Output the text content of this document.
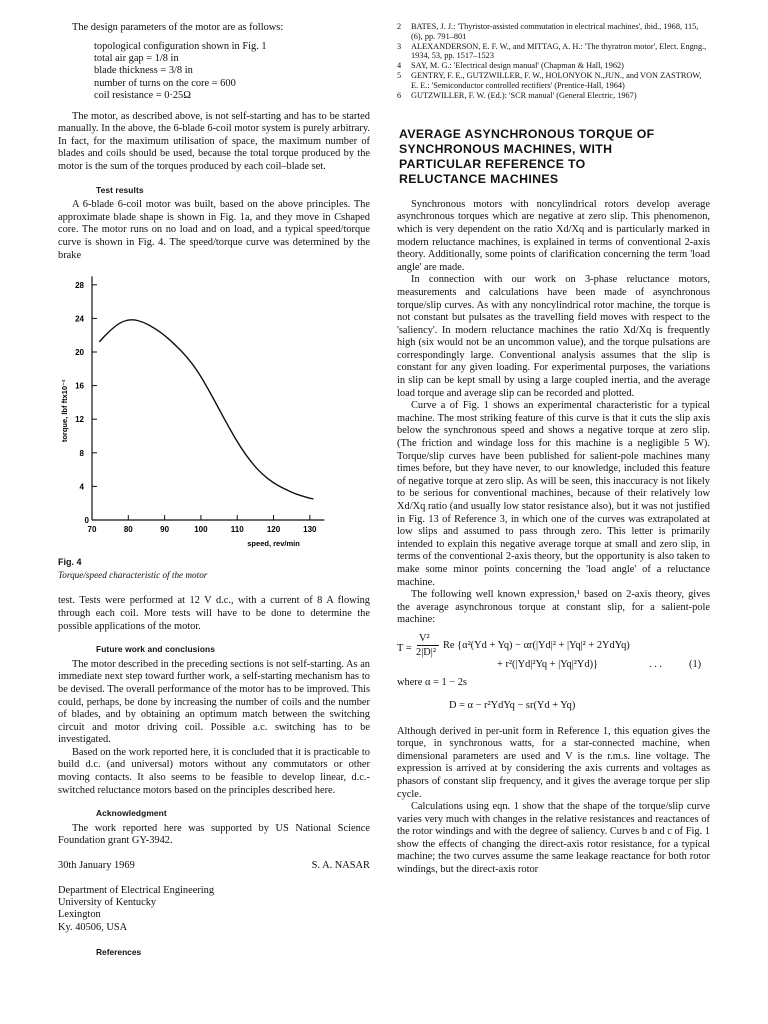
The design parameters of the motor are as follows:

topological configuration shown in Fig. 1
total air gap = 1/8 in
blade thickness = 3/8 in
number of turns on the core = 600
coil resistance = 0·25Ω

The motor, as described above, is not self-starting and has to be started manually. In the above, the 6-blade 6-coil motor system is purely arbitrary. In fact, for the maximum utilisation of space, the maximum number of blades and coils should be used, because the total torque produced by the motor is the sum of the torques produced by each coil–blade set.

Test results

A 6-blade 6-coil motor was built, based on the above principles. The approximate blade shape is shown in Fig. 1a, and they move in Cshaped core. The motor runs on no load and on load, and a typical speed/torque curve is shown in Fig. 4. The speed/torque curve was determined by the brake

4
8
12
16
20
24
28
70	80	90	100	110	120	130
0
speed, rev/min
torque, lbf ftx10⁻²
Fig. 4
Torque/speed characteristic of the motor

test. Tests were performed at 12 V d.c., with a current of 8 A flowing through each coil. More tests will have to be done to determine the possible applications of the motor.

Future work and conclusions

The motor described in the preceding sections is not self-starting. As an immediate next step toward further work, a self-starting mechanism has to be devised. The overall performance of the motor has to be improved. This could, perhaps, be done by increasing the number of coils and the number of blades, and by obtaining an optimum match between the switching circuit and motor driving coil. Possible a.c. switching has to be investigated.

Based on the work reported here, it is concluded that it is practicable to build d.c. (and universal) motors without any commutators or other moving contacts. It also seems to be feasible to develop linear, d.c.-switched reluctance motors based on the principles described here.

Acknowledgment

The work reported here was supported by US National Science Foundation grant GY-3942.

30th January 1969	S. A. NASAR
Department of Electrical Engineering
University of Kentucky
Lexington
Ky. 40506, USA
References
2	BATES, J. J.: 'Thyristor-assisted commutation in electrical machines', ibid., 1968, 115, (6), pp. 791–801
3	ALEXANDERSON, E. F. W., and MITTAG, A. H.: 'The thyratron motor', Elect. Engng., 1934, 53, pp. 1517–1523
4	SAY, M. G.: 'Electrical design manual' (Chapman & Hall, 1962)
5	GENTRY, F. E., GUTZWILLER, F. W., HOLONYOK N.,JUN., and VON ZASTROW, E. E.: 'Semiconductor controlled rectifiers' (Prentice-Hall, 1964)
6	GUTZWILLER, F. W. (Ed.): 'SCR manual' (General Electric, 1967)
AVERAGE ASYNCHRONOUS TORQUE OF
SYNCHRONOUS MACHINES, WITH
PARTICULAR REFERENCE TO
RELUCTANCE MACHINES

Synchronous motors with noncylindrical rotors develop average asynchronous torques which are negative at zero slip. This phenomenon, which is very dependent on the ratio Xd/Xq and is particularly marked in modern reluctance machines, is explained in terms of conventional 2-axis theory. Additionally, some points of clarification concerning the term 'load angle' are made.

In connection with our work on 3-phase reluctance motors, measurements and calculations have been made of asynchronous torque/slip curves. As with any noncylindrical rotor machine, the torque is not constant but pulsates as the travelling field moves with respect to the 'saliency'. In modern reluctance machines the ratio Xd/Xq is frequently high (six would not be an uncommon value), and the torque pulsations are correspondingly large. Conventional analysis assumes that the slip is constant for any given loading. For experimental purposes, the variations in slip can be kept small by using a large coupled inertia, and the average load torque and average slip can be recorded and plotted.

Curve a of Fig. 1 shows an experimental characteristic for a typical machine. The most striking feature of this curve is that it cuts the slip axis below the synchronous speed and shows a negative torque at zero slip. (The friction and windage loss for this machine is a negligible 5 W). Torque/slip curves have been published for salient-pole machines many times before, but they have never, to our knowledge, included this feature of negative torque at zero slip. As will be seen, this inaccuracy is not likely to be serious for conventional machines, because of their relatively low Xd/Xq ratio (and usually low stator resistance also), but it was not justified in Fig. 13 of Reference 3, in which one of the curves was extrapolated at low slips and assumed to pass through zero. This letter is primarily intended to explain this negative average torque at small and zero slip, in terms of the conventional 2-axis theory, but the opportunity is also taken to make some minor points concerning the 'load angle' of a reluctance machine.

The following well known expression,¹ based on 2-axis theory, gives the average asynchronous torque at constant slip, for a salient-pole machine:

T =
V²
2|D|²
Re {α²(Yd + Yq) − αr(|Yd|² + |Yq|² + 2YdYq)
+ r²(|Yd|²Yq + |Yq|²Yd)}	. . .	(1)

where α = 1 − 2s

D = α − r²YdYq − sr(Yd + Yq)

Although derived in per-unit form in Reference 1, this equation gives the torque, in synchronous watts, for a star-connected machine, when dimensional parameters are used and V is the r.m.s. line voltage. The expression is arrived at by considering the axis currents and voltages as phasors of constant slip frequency, and it gives the average torque per slip cycle.

Calculations using eqn. 1 show that the shape of the torque/slip curve varies very much with changes in the relative resistances and reactances of the rotor windings and with the degree of saliency. Curves b and c of Fig. 1 show the effects of changing the direct-axis rotor resistance, for a typical machine; the two curves assume the same leakage reactance for both rotor windings, but the direct-axis rotor
